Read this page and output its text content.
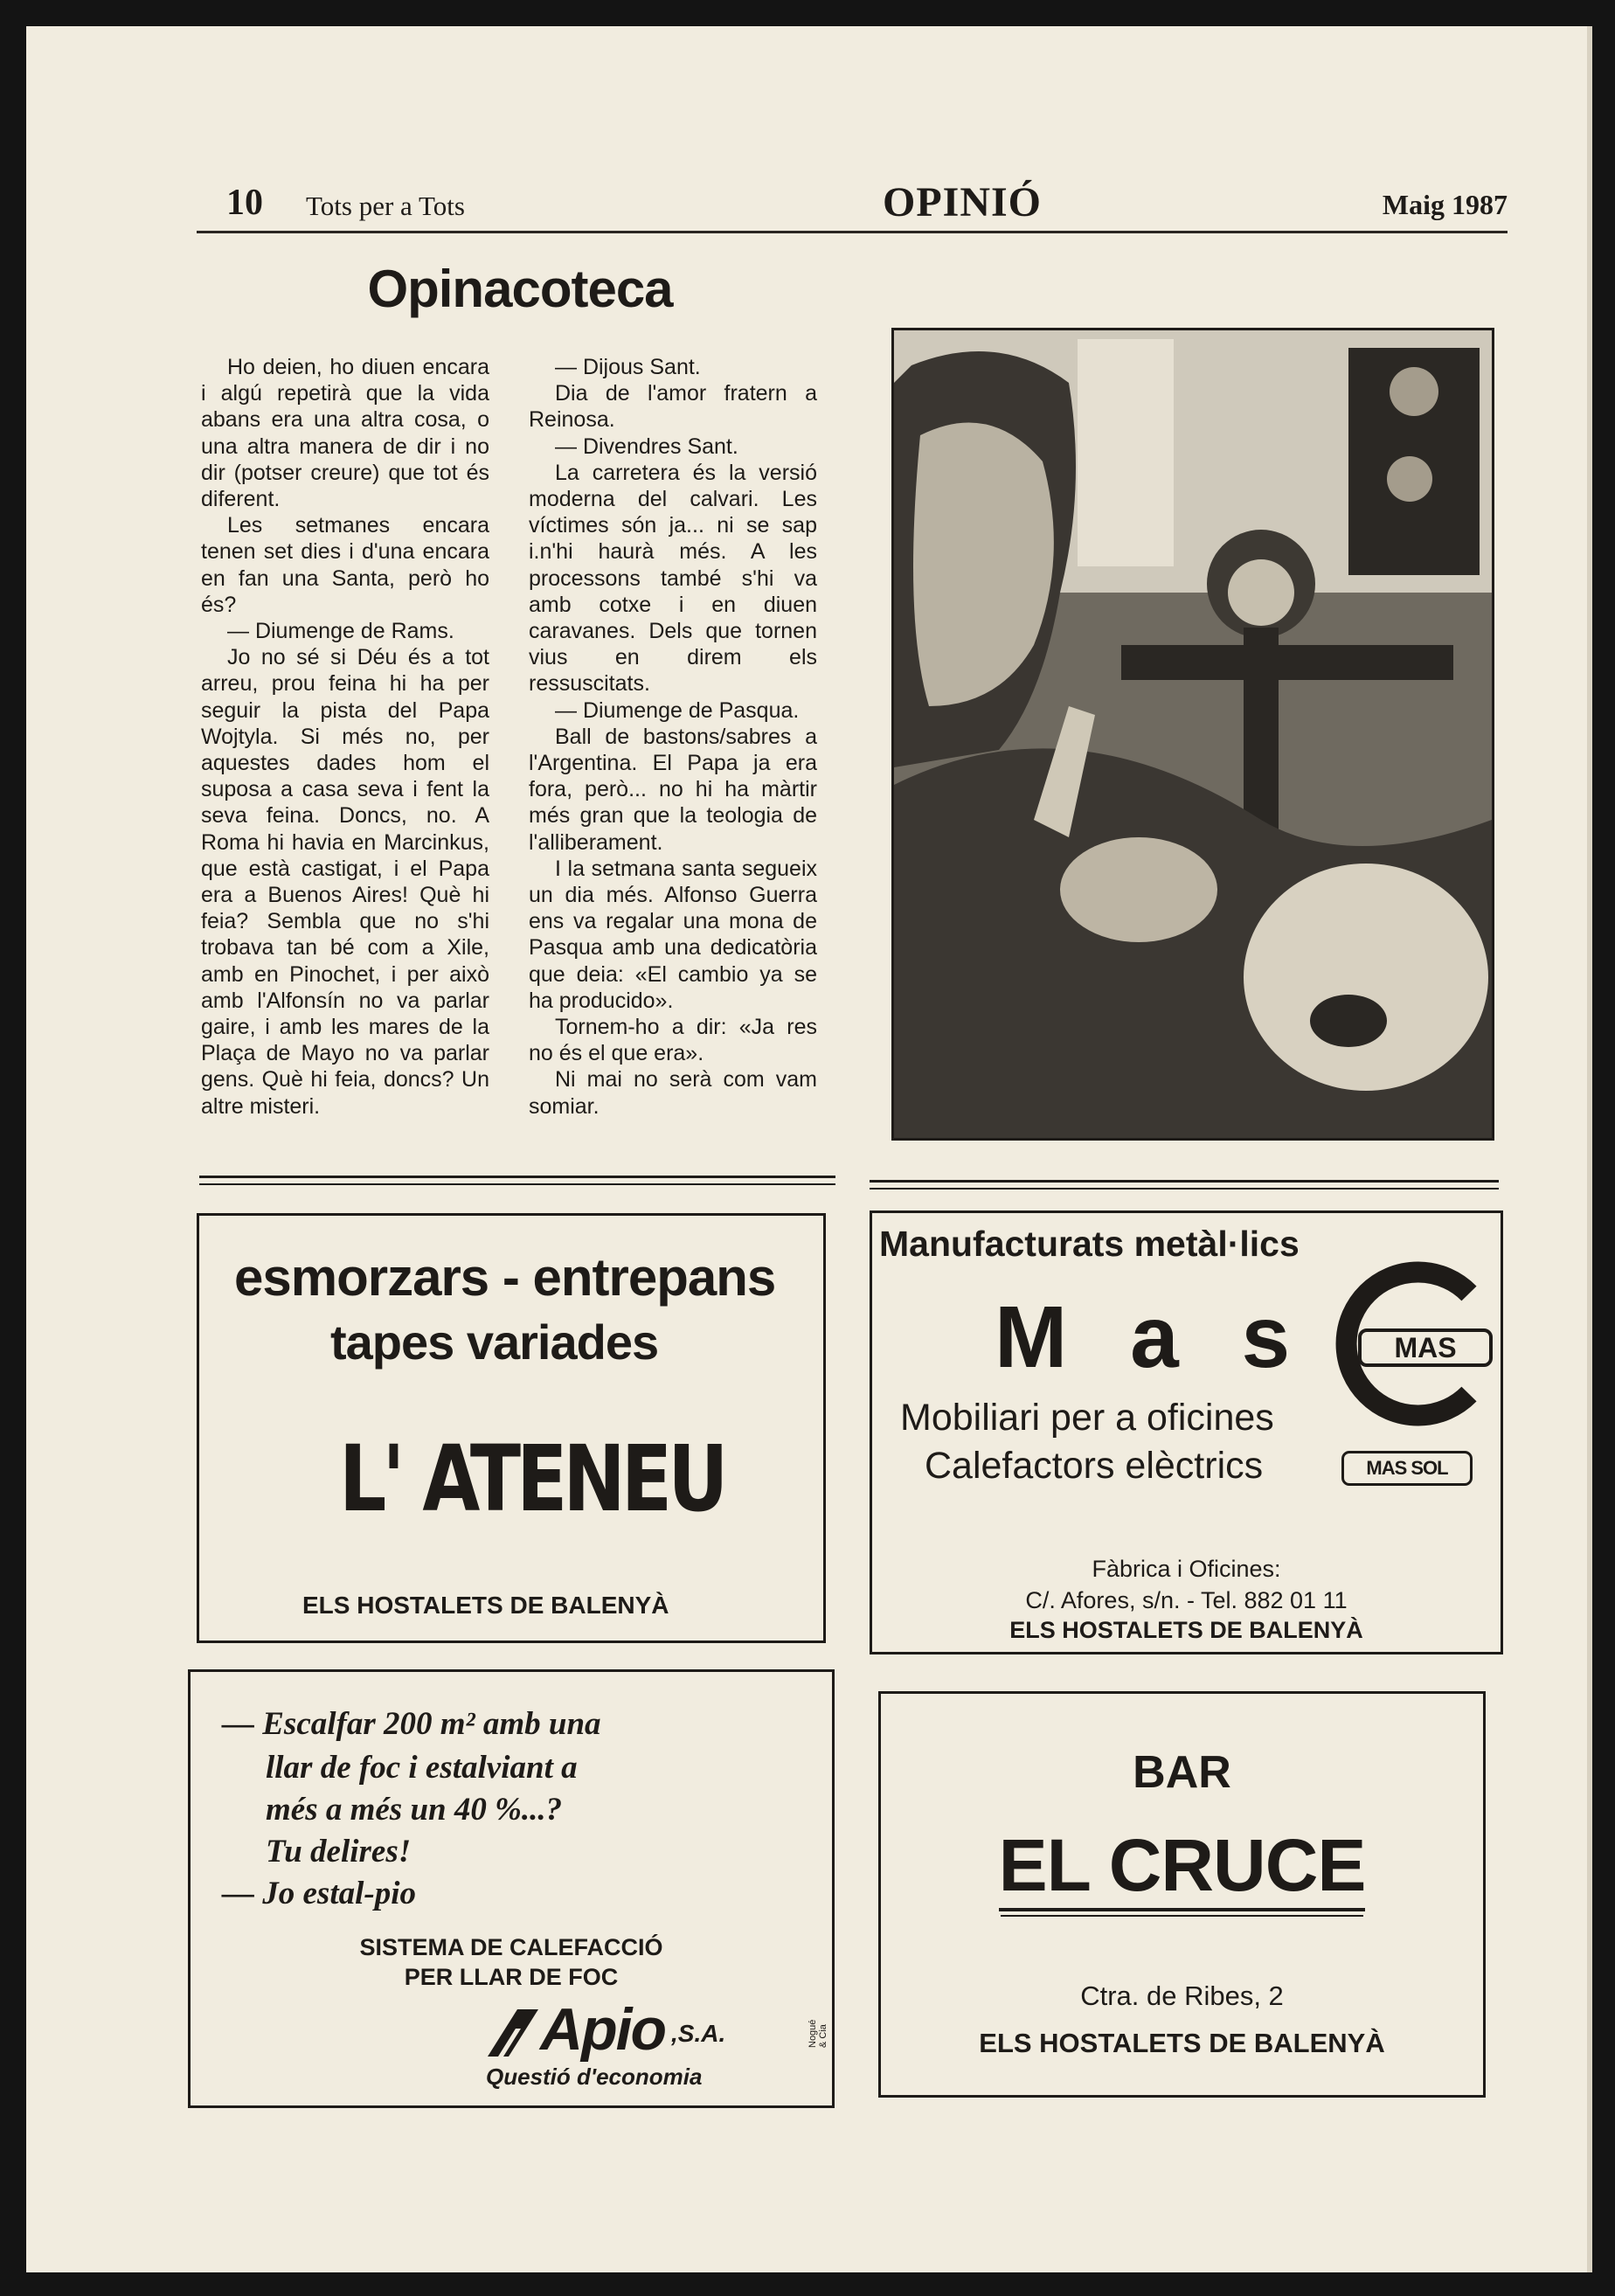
10 Tots per a Tots	OPINIÓ	Maig 1987
Opinacoteca

Ho deien, ho diuen encara i algú repetirà que la vida abans era una altra cosa, o una altra manera de dir i no dir (potser creure) que tot és diferent.

Les setmanes encara tenen set dies i d'una encara en fan una Santa, però ho és?

— Diumenge de Rams.

Jo no sé si Déu és a tot arreu, prou feina hi ha per seguir la pista del Papa Wojtyla. Si més no, per aquestes dades hom el suposa a casa seva i fent la seva feina. Doncs, no. A Roma hi havia en Marcinkus, que està castigat, i el Papa era a Buenos Aires! Què hi feia? Sembla que no s'hi trobava tan bé com a Xile, amb en Pinochet, i per això amb l'Alfonsín no va parlar gaire, i amb les mares de la Plaça de Mayo no va parlar gens. Què hi feia, doncs? Un altre misteri.

— Dijous Sant.

Dia de l'amor fratern a Reinosa.

— Divendres Sant.

La carretera és la versió moderna del calvari. Les víctimes són ja... ni se sap i.n'hi haurà més. A les processons també s'hi va amb cotxe i en diuen caravanes. Dels que tornen vius en direm els ressuscitats.

— Diumenge de Pasqua.

Ball de bastons/sabres a l'Argentina. El Papa ja era fora, però... no hi ha màrtir més gran que la teologia de l'alliberament.

I la setmana santa segueix un dia més. Alfonso Guerra ens va regalar una mona de Pasqua amb una dedicatòria que deia: «El cambio ya se ha producido».

Tornem-ho a dir: «Ja res no és el que era».

Ni mai no serà com vam somiar.

esmorzars - entrepans
tapes variades
L' ATENEU
ELS HOSTALETS DE BALENYÀ
Manufacturats metàl·lics
M a s	MAS
Mobiliari per a oficines
Calefactors elèctrics	MAS SOL
Fàbrica i Oficines:
C/. Afores, s/n. - Tel. 882 01 11
ELS HOSTALETS DE BALENYÀ
— Escalfar 200 m² amb una
llar de foc i estalviant a
més a més un 40 %...?
Tu delires!
— Jo estal-pio
SISTEMA DE CALEFACCIÓ
PER LLAR DE FOC
Apio ,S.A.
Questió d'economia
Nogué & Cia
BAR
EL CRUCE
Ctra. de Ribes, 2
ELS HOSTALETS DE BALENYÀ
